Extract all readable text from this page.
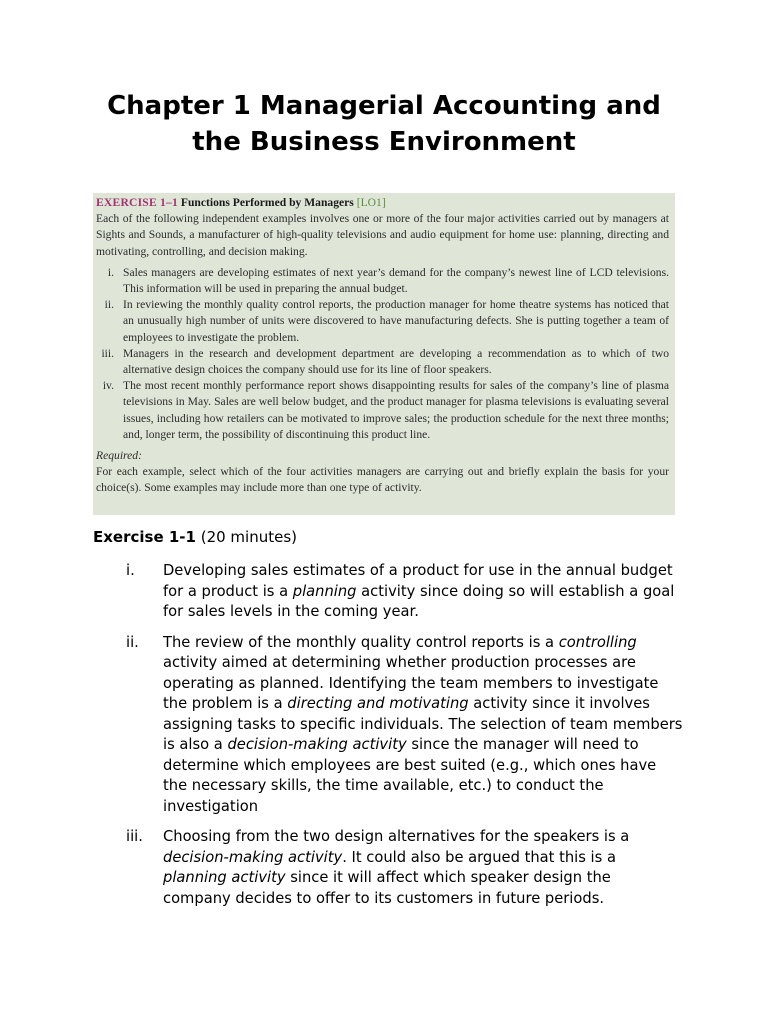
Chapter 1 Managerial Accounting and
the Business Environment
EXERCISE 1–1 Functions Performed by Managers [LO1]

Each of the following independent examples involves one or more of the four major activities carried out by managers at Sights and Sounds, a manufacturer of high-quality televisions and audio equipment for home use: planning, directing and motivating, controlling, and decision making.

i. Sales managers are developing estimates of next year’s demand for the company’s newest line of LCD televisions. This information will be used in preparing the annual budget.
ii. In reviewing the monthly quality control reports, the production manager for home theatre systems has noticed that an unusually high number of units were discovered to have manufacturing defects. She is putting together a team of employees to investigate the problem.
iii. Managers in the research and development department are developing a recommendation as to which of two alternative design choices the company should use for its line of floor speakers.
iv. The most recent monthly performance report shows disappointing results for sales of the company’s line of plasma televisions in May. Sales are well below budget, and the product manager for plasma televisions is evaluating several issues, including how retailers can be motivated to improve sales; the production schedule for the next three months; and, longer term, the possibility of discontinuing this product line.
Required:
For each example, select which of the four activities managers are carrying out and briefly explain the basis for your choice(s). Some examples may include more than one type of activity.
Exercise 1-1 (20 minutes)
i. Developing sales estimates of a product for use in the annual budget for a product is a planning activity since doing so will establish a goal for sales levels in the coming year.
ii. The review of the monthly quality control reports is a controlling activity aimed at determining whether production processes are operating as planned. Identifying the team members to investigate the problem is a directing and motivating activity since it involves assigning tasks to specific individuals. The selection of team members is also a decision-making activity since the manager will need to determine which employees are best suited (e.g., which ones have the necessary skills, the time available, etc.) to conduct the investigation
iii. Choosing from the two design alternatives for the speakers is a decision-making activity. It could also be argued that this is a planning activity since it will affect which speaker design the company decides to offer to its customers in future periods.
